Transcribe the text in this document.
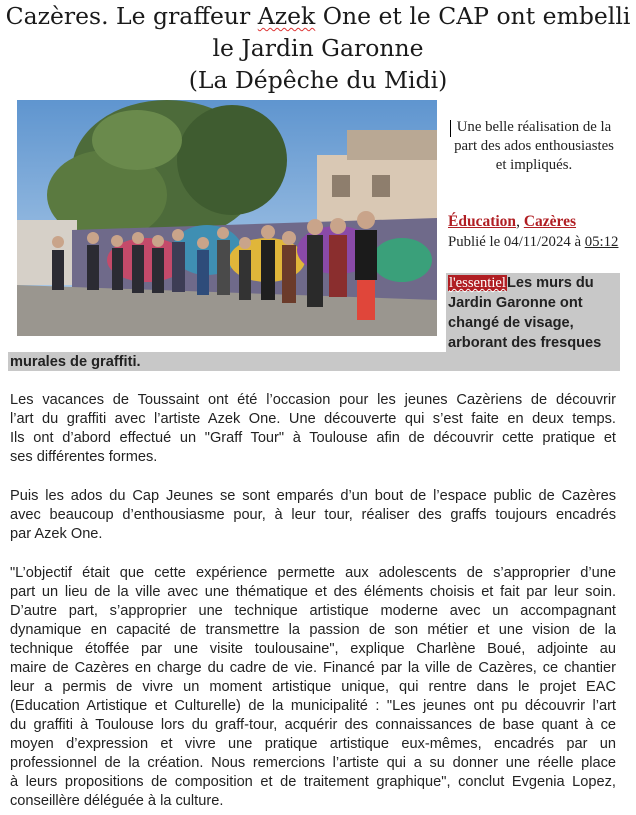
Cazères. Le graffeur Azek One et le CAP ont embelli
le Jardin Garonne
(La Dépêche du Midi)
Une belle réalisation de la part des ados enthousiastes et impliqués.
Éducation, Cazères
Publié le 04/11/2024 à 05:12
l'essentielLes murs du
Jardin Garonne ont
changé de visage,
arborant des fresques
murales de graffiti.
Les vacances de Toussaint ont été l’occasion pour les jeunes Cazèriens de découvrir
l’art du graffiti avec l’artiste Azek One. Une découverte qui s’est faite en deux temps.
Ils ont d’abord effectué un "Graff Tour" à Toulouse afin de découvrir cette pratique et
ses différentes formes.
Puis les ados du Cap Jeunes se sont emparés d’un bout de l’espace public de Cazères
avec beaucoup d’enthousiasme pour, à leur tour, réaliser des graffs toujours encadrés
par Azek One.
"L’objectif était que cette expérience permette aux adolescents de s’approprier d’une
part un lieu de la ville avec une thématique et des éléments choisis et fait par leur soin.
D’autre part, s’approprier une technique artistique moderne avec un accompagnant
dynamique en capacité de transmettre la passion de son métier et une vision de la
technique étoffée par une visite toulousaine", explique Charlène Boué, adjointe au
maire de Cazères en charge du cadre de vie. Financé par la ville de Cazères, ce chantier
leur a permis de vivre un moment artistique unique, qui rentre dans le projet EAC
(Education Artistique et Culturelle) de la municipalité : "Les jeunes ont pu découvrir l’art
du graffiti à Toulouse lors du graff-tour, acquérir des connaissances de base quant à ce
moyen d’expression et vivre une pratique artistique eux-mêmes, encadrés par un
professionnel de la création. Nous remercions l’artiste qui a su donner une réelle place
à leurs propositions de composition et de traitement graphique", conclut Evgenia Lopez,
conseillère déléguée à la culture.
